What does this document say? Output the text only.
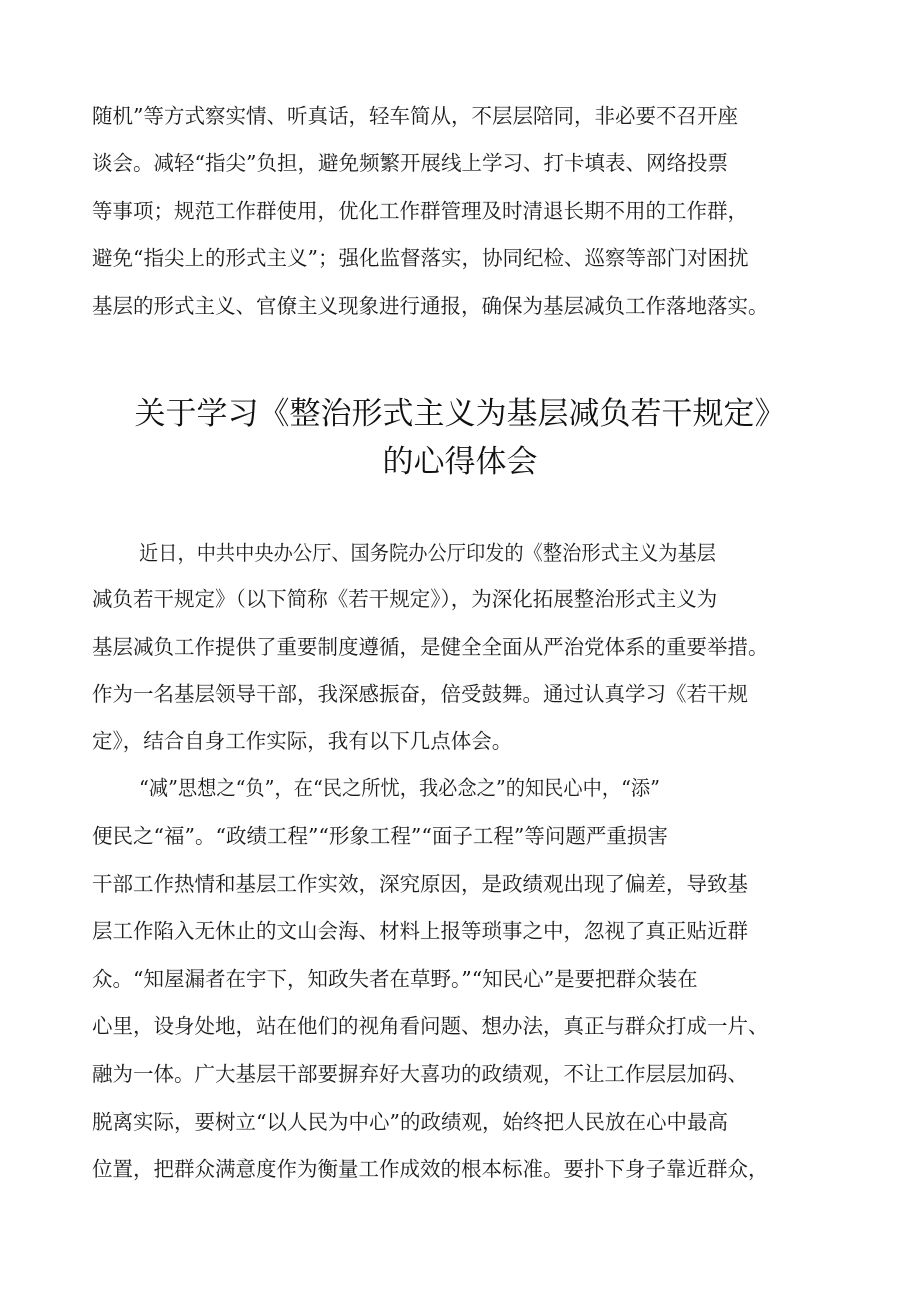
随机”等方式察实情、听真话，轻车简从，不层层陪同，非必要不召开座
谈会。减轻“指尖”负担，避免频繁开展线上学习、打卡填表、网络投票
等事项；规范工作群使用，优化工作群管理及时清退长期不用的工作群，
避免“指尖上的形式主义”；强化监督落实，协同纪检、巡察等部门对困扰
基层的形式主义、官僚主义现象进行通报，确保为基层减负工作落地落实。
关于学习《整治形式主义为基层减负若干规定》
的心得体会
近日，中共中央办公厅、国务院办公厅印发的《整治形式主义为基层
减负若干规定》（以下简称《若干规定》），为深化拓展整治形式主义为
基层减负工作提供了重要制度遵循，是健全全面从严治党体系的重要举措。
作为一名基层领导干部，我深感振奋，倍受鼓舞。通过认真学习《若干规
定》，结合自身工作实际，我有以下几点体会。
“减”思想之“负”，在“民之所忧，我必念之”的知民心中，“添”
便民之“福”。“政绩工程”“形象工程”“面子工程”等问题严重损害
干部工作热情和基层工作实效，深究原因，是政绩观出现了偏差，导致基
层工作陷入无休止的文山会海、材料上报等琐事之中，忽视了真正贴近群
众。“知屋漏者在宇下，知政失者在草野。”“知民心”是要把群众装在
心里，设身处地，站在他们的视角看问题、想办法，真正与群众打成一片、
融为一体。广大基层干部要摒弃好大喜功的政绩观，不让工作层层加码、
脱离实际，要树立“以人民为中心”的政绩观，始终把人民放在心中最高
位置，把群众满意度作为衡量工作成效的根本标准。要扑下身子靠近群众，
